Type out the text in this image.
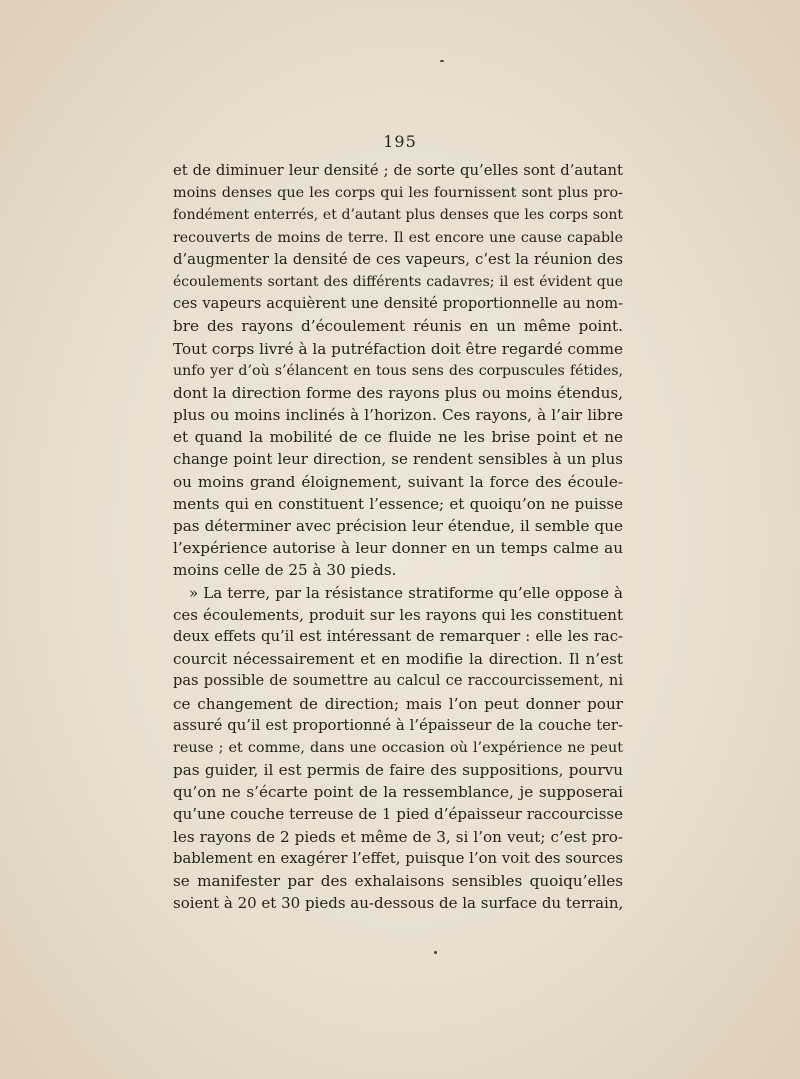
195
et de diminuer leur densité ; de sorte qu’elles sont d’autant
moins denses que les corps qui les fournissent sont plus pro-
fondément enterrés, et d’autant plus denses que les corps sont
recouverts de moins de terre. Il est encore une cause capable
d’augmenter la densité de ces vapeurs, c’est la réunion des
écoulements sortant des différents cadavres; il est évident que
ces vapeurs acquièrent une densité proportionnelle au nom-
bre des rayons d’écoulement réunis en un même point.
Tout corps livré à la putréfaction doit être regardé comme
unfo yer d’où s’élancent en tous sens des corpuscules fétides,
dont la direction forme des rayons plus ou moins étendus,
plus ou moins inclinés à l’horizon. Ces rayons, à l’air libre
et quand la mobilité de ce fluide ne les brise point et ne
change point leur direction, se rendent sensibles à un plus
ou moins grand éloignement, suivant la force des écoule-
ments qui en constituent l’essence; et quoiqu’on ne puisse
pas déterminer avec précision leur étendue, il semble que
l’expérience autorise à leur donner en un temps calme au
moins celle de 25 à 30 pieds.
» La terre, par la résistance stratiforme qu’elle oppose à
ces écoulements, produit sur les rayons qui les constituent
deux effets qu’il est intéressant de remarquer : elle les rac-
courcit nécessairement et en modifie la direction. Il n’est
pas possible de soumettre au calcul ce raccourcissement, ni
ce changement de direction; mais l’on peut donner pour
assuré qu’il est proportionné à l’épaisseur de la couche ter-
reuse ; et comme, dans une occasion où l’expérience ne peut
pas guider, il est permis de faire des suppositions, pourvu
qu’on ne s’écarte point de la ressemblance, je supposerai
qu’une couche terreuse de 1 pied d’épaisseur raccourcisse
les rayons de 2 pieds et même de 3, si l’on veut; c’est pro-
bablement en exagérer l’effet, puisque l’on voit des sources
se manifester par des exhalaisons sensibles quoiqu’elles
soient à 20 et 30 pieds au-dessous de la surface du terrain,
